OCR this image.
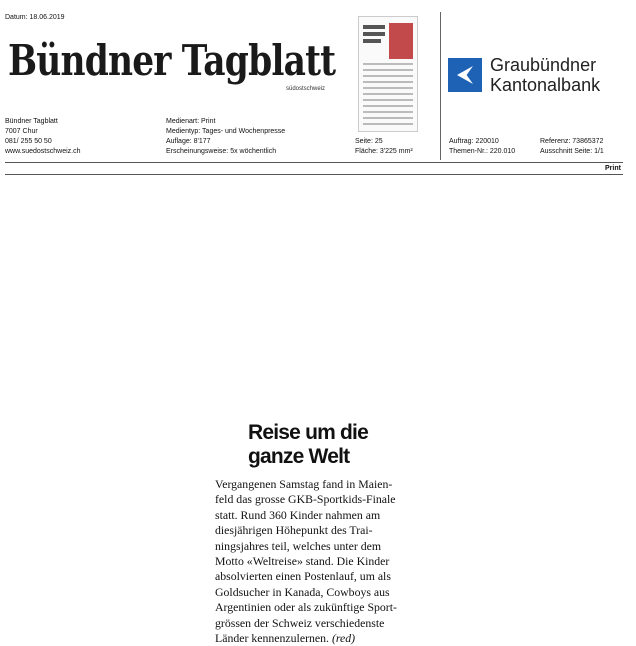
Datum: 18.06.2019
Bündner Tagblatt
südostschweiz
Graubündner
Kantonalbank
Bündner Tagblatt
7007 Chur
081/ 255 50 50
www.suedostschweiz.ch
Medienart: Print
Medientyp: Tages- und Wochenpresse
Auflage: 8'177
Erscheinungsweise: 5x wöchentlich
Seite: 25
Fläche: 3'225 mm²
Auftrag: 220010
Themen-Nr.: 220.010
Referenz: 73865372
Ausschnitt Seite: 1/1
Print
Reise um die
ganze Welt

Vergangenen Samstag fand in Maien-

feld das grosse GKB-Sportkids-Finale

statt. Rund 360 Kinder nahmen am

diesjährigen Höhepunkt des Trai-

ningsjahres teil, welches unter dem

Motto «Weltreise» stand. Die Kinder

absolvierten einen Postenlauf, um als

Goldsucher in Kanada, Cowboys aus

Argentinien oder als zukünftige Sport-

grössen der Schweiz verschiedenste

Länder kennenzulernen. (red)
